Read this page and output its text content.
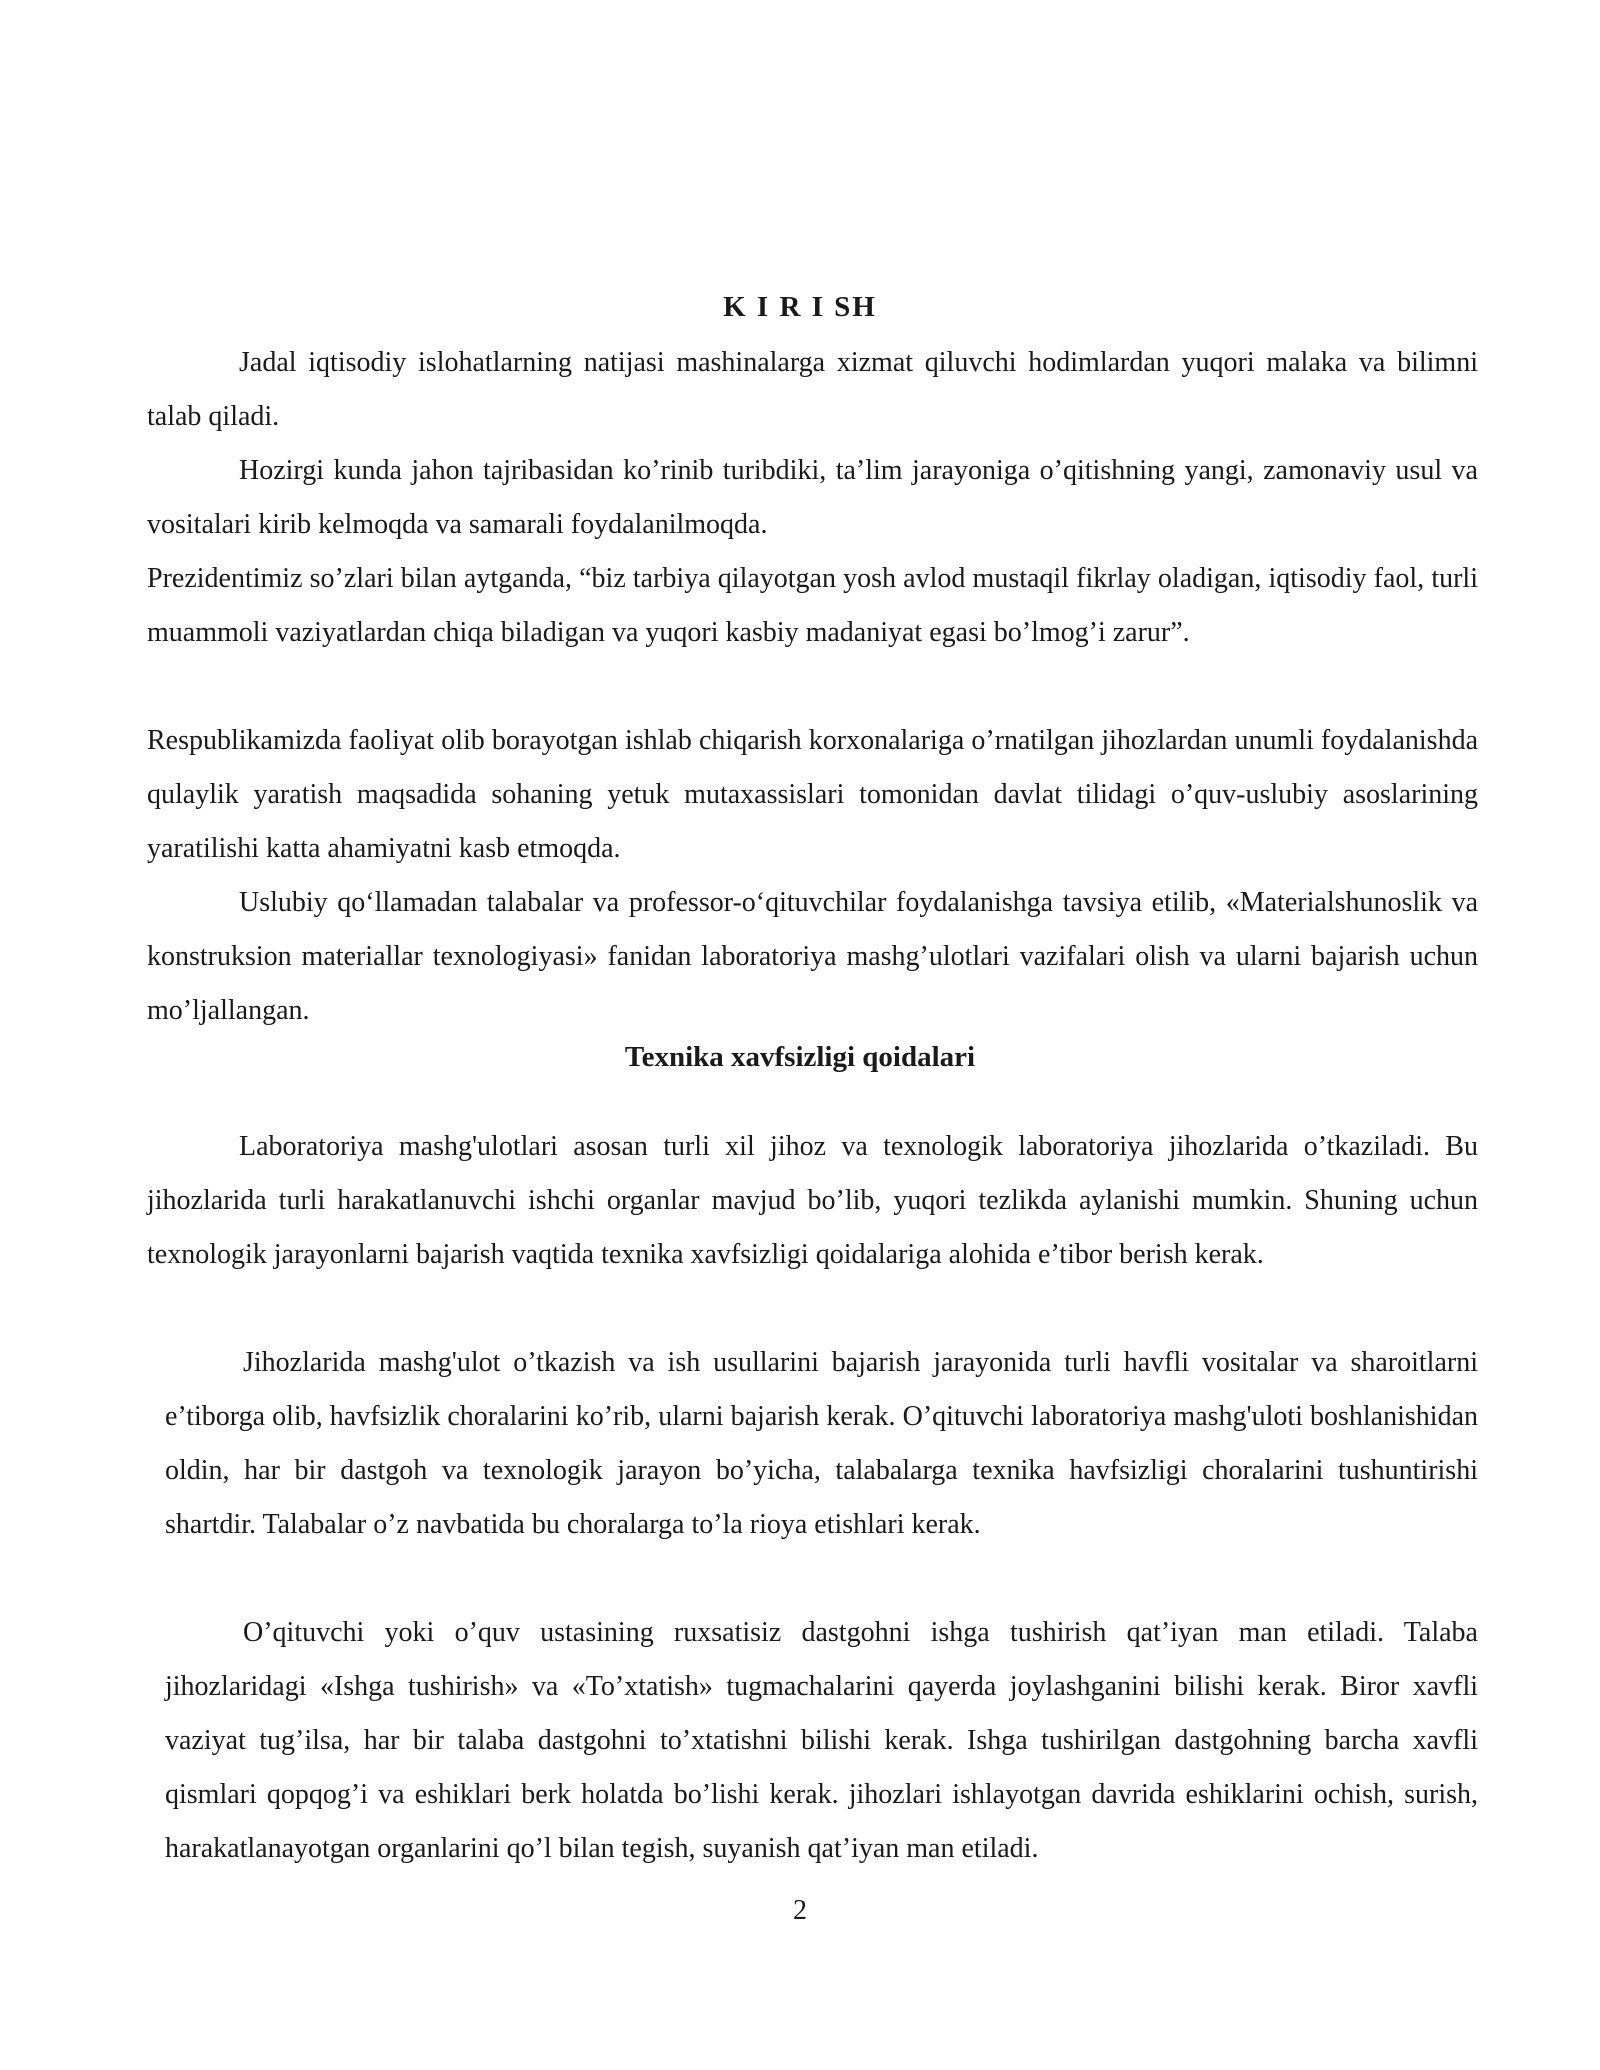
K I R I SH

Jadal iqtisodiy islohatlarning natijasi mashinalarga xizmat qiluvchi hodimlardan yuqori malaka va bilimni talab qiladi.

Hozirgi kunda jahon tajribasidan ko’rinib turibdiki, ta’lim jarayoniga o’qitishning yangi, zamonaviy usul va vositalari kirib kelmoqda va samarali foydalanilmoqda.

Prezidentimiz so’zlari bilan aytganda, “biz tarbiya qilayotgan yosh avlod mustaqil fikrlay oladigan, iqtisodiy faol, turli muammoli vaziyatlardan chiqa biladigan va yuqori kasbiy madaniyat egasi bo’lmog’i zarur”.

Respublikamizda faoliyat olib borayotgan ishlab chiqarish korxonalariga o’rnatilgan jihozlardan unumli foydalanishda qulaylik yaratish maqsadida sohaning yetuk mutaxassislari tomonidan davlat tilidagi o’quv-uslubiy asoslarining yaratilishi katta ahamiyatni kasb etmoqda.

Uslubiy qo‘llamadan talabalar va professor-o‘qituvchilar foydalanishga tavsiya etilib, «Materialshunoslik va konstruksion materiallar texnologiyasi» fanidan laboratoriya mashg’ulotlari vazifalari olish va ularni bajarish uchun mo’ljallangan.

Texnika xavfsizligi qoidalari

Laboratoriya mashg'ulotlari asosan turli xil jihoz va texnologik laboratoriya jihozlarida o’tkaziladi. Bu jihozlarida turli harakatlanuvchi ishchi organlar mavjud bo’lib, yuqori tezlikda aylanishi mumkin. Shuning uchun texnologik jarayonlarni bajarish vaqtida texnika xavfsizligi qoidalariga alohida e’tibor berish kerak.

Jihozlarida mashg'ulot o’tkazish va ish usullarini bajarish jarayonida turli havfli vositalar va sharoitlarni e’tiborga olib, havfsizlik choralarini ko’rib, ularni bajarish kerak. O’qituvchi laboratoriya mashg'uloti boshlanishidan oldin, har bir dastgoh va texnologik jarayon bo’yicha, talabalarga texnika havfsizligi choralarini tushuntirishi shartdir. Talabalar o’z navbatida bu choralarga to’la rioya etishlari kerak.

O’qituvchi yoki o’quv ustasining ruxsatisiz dastgohni ishga tushirish qat’iyan man etiladi. Talaba jihozlaridagi «Ishga tushirish» va «To’xtatish» tugmachalarini qayerda joylashganini bilishi kerak. Biror xavfli vaziyat tug’ilsa, har bir talaba dastgohni to’xtatishni bilishi kerak. Ishga tushirilgan dastgohning barcha xavfli qismlari qopqog’i va eshiklari berk holatda bo’lishi kerak. jihozlari ishlayotgan davrida eshiklarini ochish, surish, harakatlanayotgan organlarini qo’l bilan tegish, suyanish qat’iyan man etiladi.

2
